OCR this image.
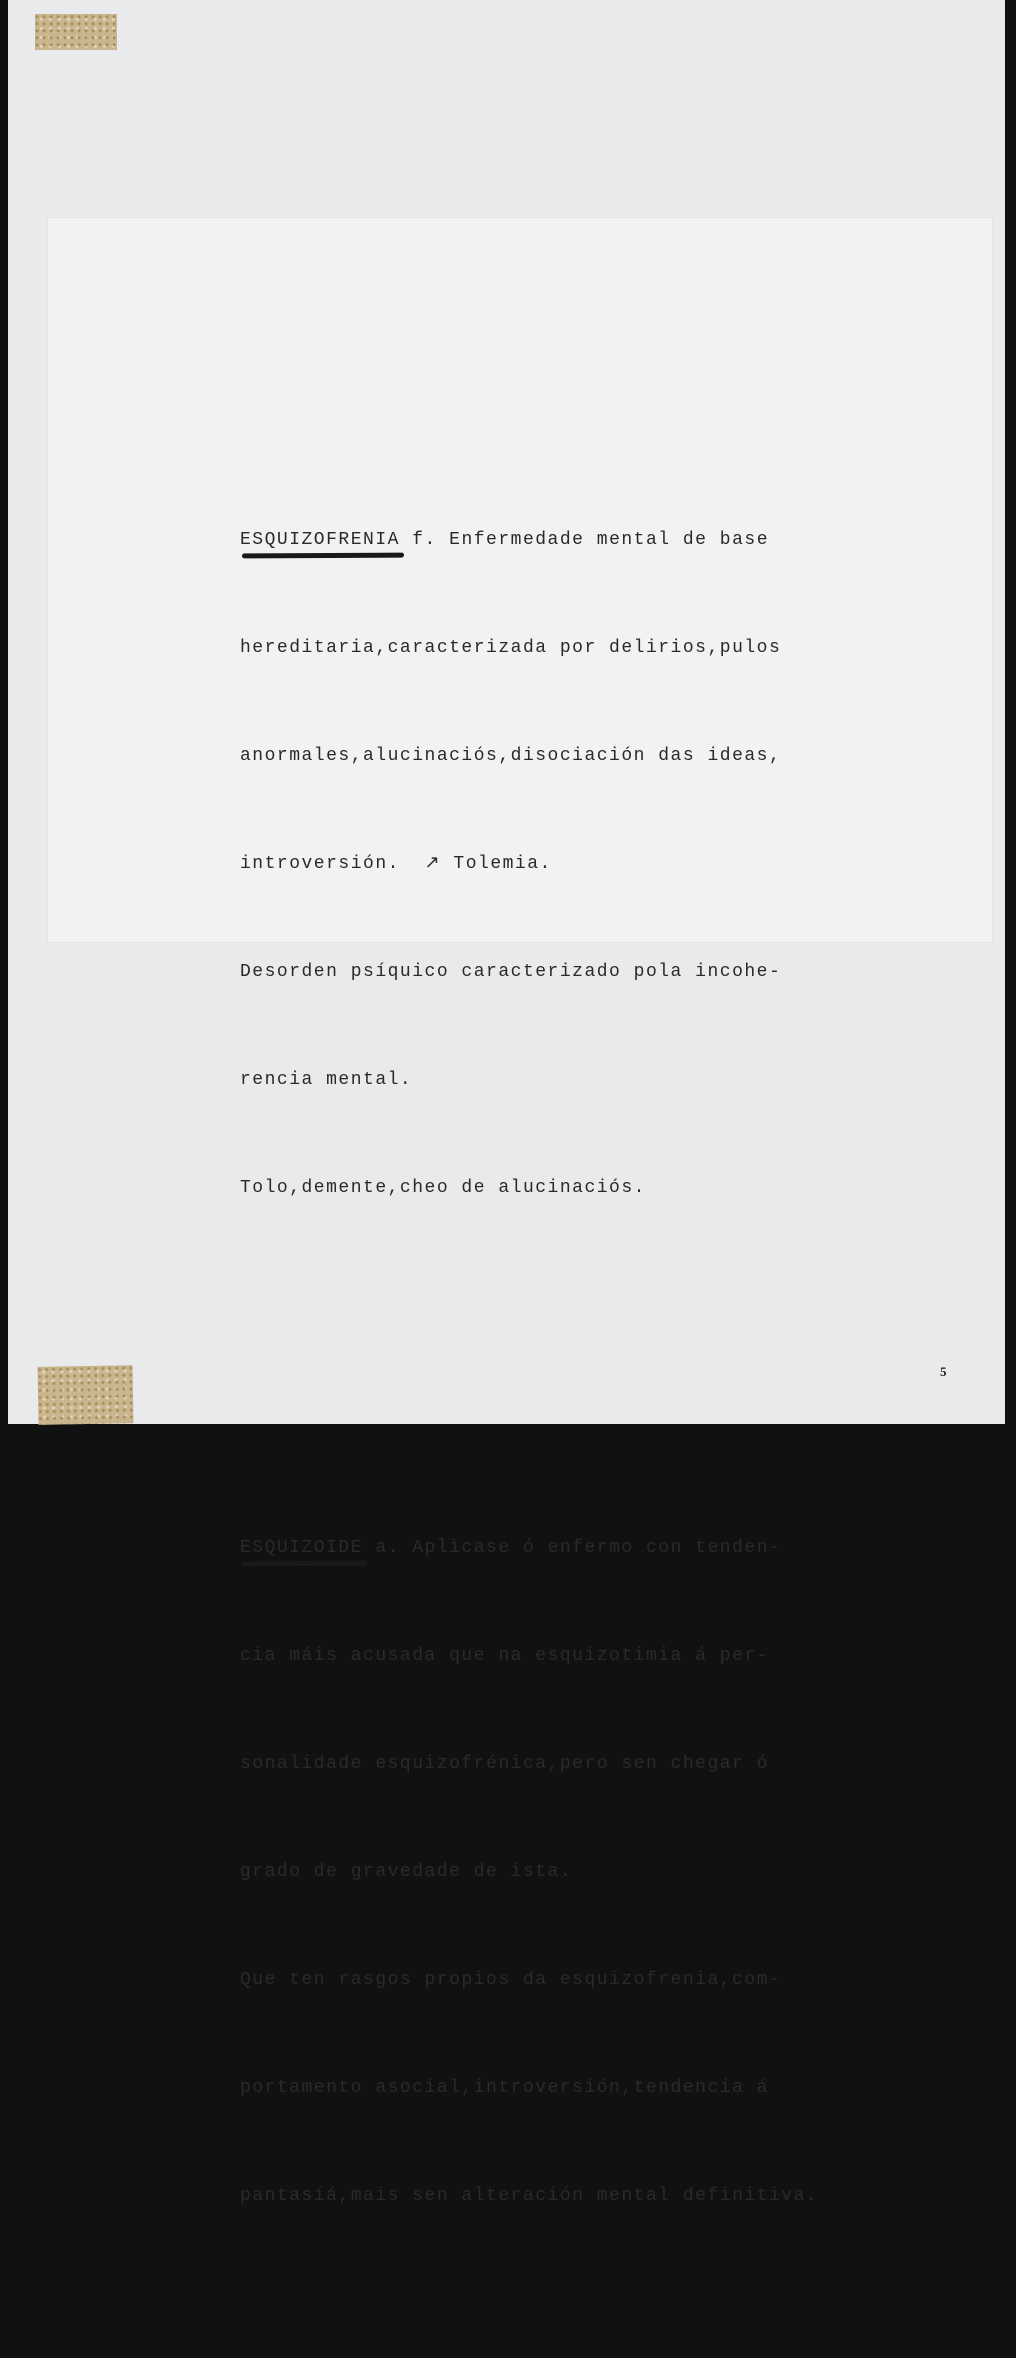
ESQUIZOFRENIA f. Enfermedade mental de base

hereditaria,caracterizada por delirios,pulos

anormales,alucinaciós,disociación das ideas,

introversión.  ↗ Tolemia.

Desorden psíquico caracterizado pola incohe-

rencia mental.

Tolo,demente,cheo de alucinaciós.

ESQUIZOIDE a. Aplìcase ó enfermo con tenden-

cia máis acusada que na esquizotimia á per-

sonalidade esquizofrénica,pero sen chegar ó

grado de gravedade de ista.

Que ten rasgos propios da esquizofrenia,com-

portamento asocial,introversión,tendencia á

pantasíá,mais sen alteración mental definitiva.

5
